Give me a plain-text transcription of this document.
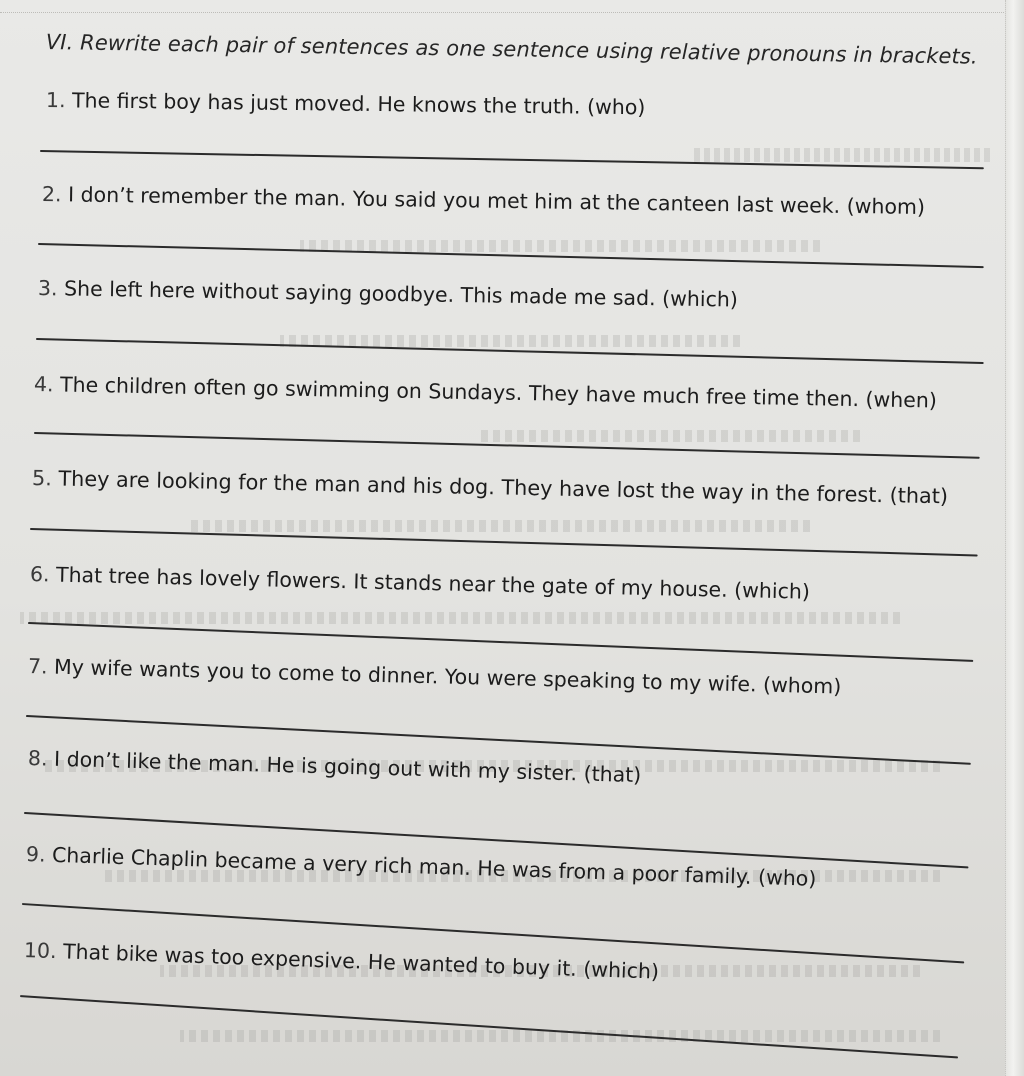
VI. Rewrite each pair of sentences as one sentence using relative pronouns in brackets.
1. The first boy has just moved. He knows the truth. (who)
2. I don’t remember the man. You said you met him at the canteen last week. (whom)
3. She left here without saying goodbye. This made me sad. (which)
4. The children often go swimming on Sundays. They have much free time then. (when)
5. They are looking for the man and his dog. They have lost the way in the forest. (that)
6. That tree has lovely flowers. It stands near the gate of my house. (which)
7. My wife wants you to come to dinner. You were speaking to my wife. (whom)
8. I don’t like the man. He is going out with my sister. (that)
9. Charlie Chaplin became a very rich man. He was from a poor family. (who)
10. That bike was too expensive. He wanted to buy it. (which)
